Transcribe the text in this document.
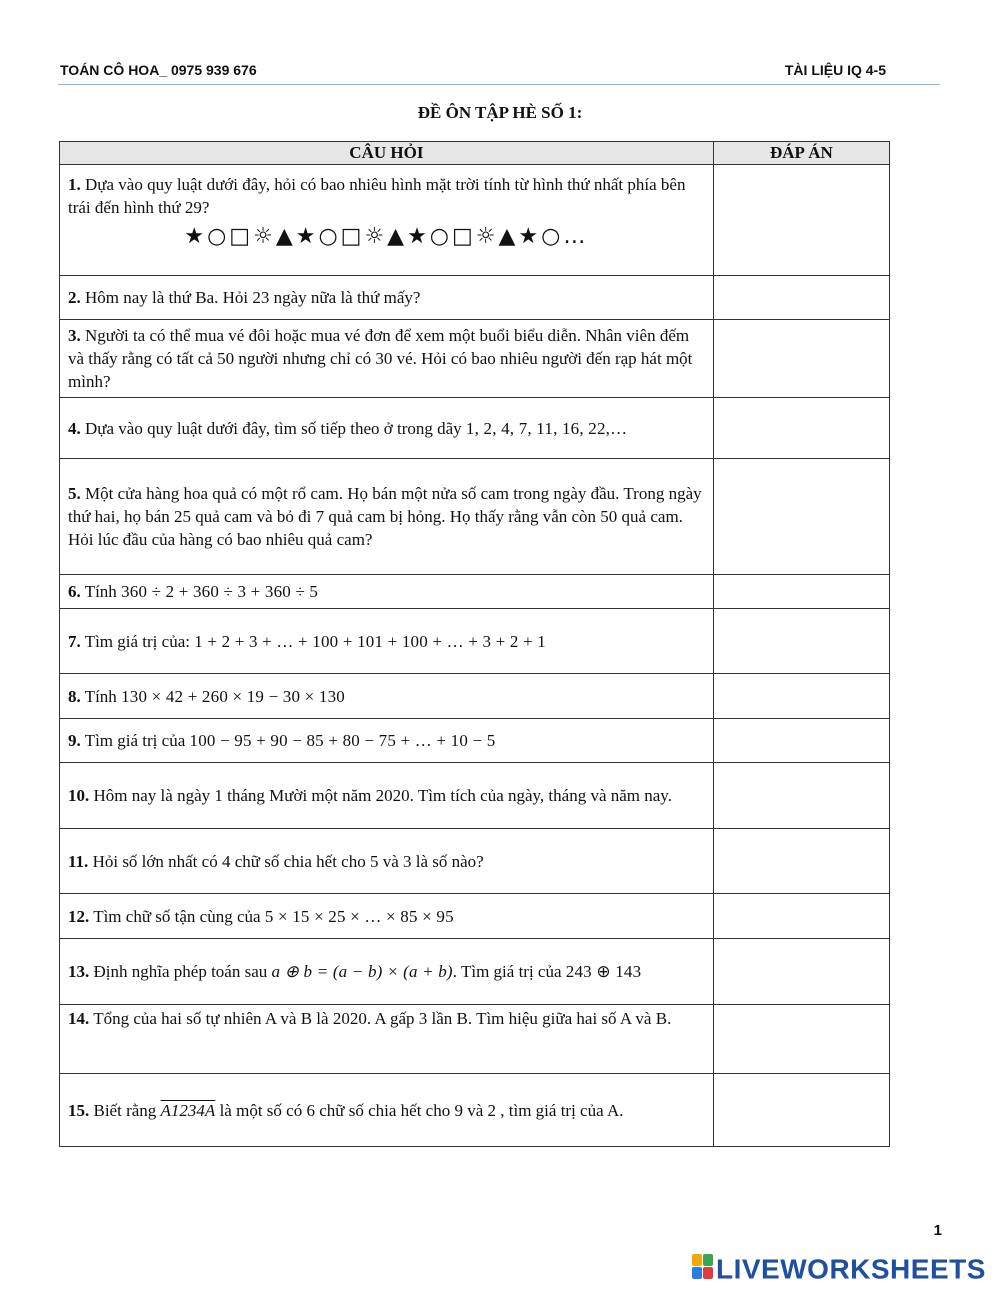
TOÁN CÔ HOA_ 0975 939 676	TÀI LIỆU IQ 4-5
ĐỀ ÔN TẬP HÈ SỐ 1:
CÂU HỎI	ĐÁP ÁN
1. Dựa vào quy luật dưới đây, hỏi có bao nhiêu hình mặt trời tính từ hình thứ nhất phía bên trái đến hình thứ 29?
★○□☼▲★○□☼▲★○□☼▲★○…	

2. Hôm nay là thứ Ba. Hỏi 23 ngày nữa là thứ mấy?	
3. Người ta có thể mua vé đôi hoặc mua vé đơn để xem một buổi biểu diễn. Nhân viên đếm và thấy rằng có tất cả 50 người nhưng chỉ có 30 vé. Hỏi có bao nhiêu người đến rạp hát một mình?	
4. Dựa vào quy luật dưới đây, tìm số tiếp theo ở trong dãy 1, 2, 4, 7, 11, 16, 22,…	
5. Một cửa hàng hoa quả có một rổ cam. Họ bán một nửa số cam trong ngày đầu. Trong ngày thứ hai, họ bán 25 quả cam và bỏ đi 7 quả cam bị hỏng. Họ thấy rằng vẫn còn 50 quả cam. Hỏi lúc đầu của hàng có bao nhiêu quả cam?	
6. Tính 360 ÷ 2 + 360 ÷ 3 + 360 ÷ 5	
7. Tìm giá trị của: 1 + 2 + 3 + … + 100 + 101 + 100 + … + 3 + 2 + 1	
8. Tính 130 × 42 + 260 × 19 − 30 × 130	
9. Tìm giá trị của 100 − 95 + 90 − 85 + 80 − 75 + … + 10 − 5	
10. Hôm nay là ngày 1 tháng Mười một năm 2020. Tìm tích của ngày, tháng và năm nay.	
11. Hỏi số lớn nhất có 4 chữ số chia hết cho 5 và 3 là số nào?	
12. Tìm chữ số tận cùng của 5 × 15 × 25 × … × 85 × 95	
13. Định nghĩa phép toán sau a ⊕ b = (a − b) × (a + b). Tìm giá trị của 243 ⊕ 143	
14. Tổng của hai số tự nhiên A và B là 2020. A gấp 3 lần B. Tìm hiệu giữa hai số A và B.	
15. Biết rằng A1234A là một số có 6 chữ số chia hết cho 9 và 2 , tìm giá trị của A.	
1
LIVEWORKSHEETS
